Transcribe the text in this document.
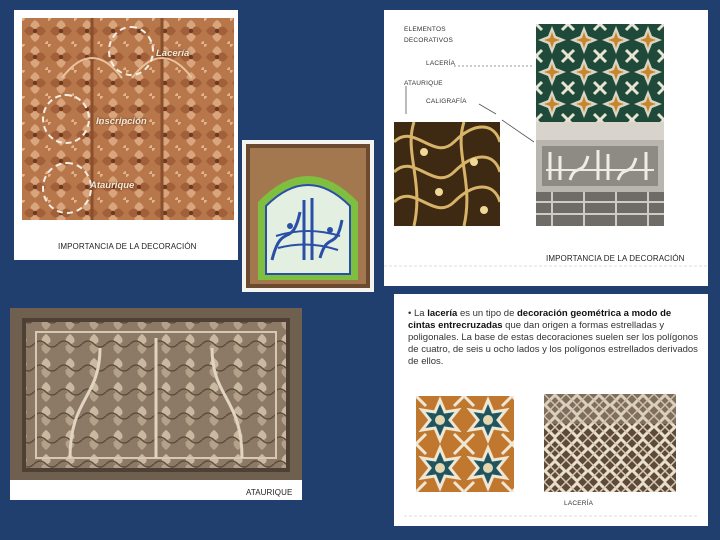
Lacería
Inscripción
Ataurique
IMPORTANCIA DE LA DECORACIÓN
ELEMENTOS
DECORATIVOS
LACERÍA
ATAURIQUE
CALIGRAFÍA
IMPORTANCIA DE LA DECORACIÓN
ATAURIQUE
• La lacería es un tipo de decoración geométrica a modo de cintas entrecruzadas que dan origen a formas estrelladas y poligonales. La base de estas decoraciones suelen ser los polígonos de cuatro, de seis u ocho lados y los polígonos estrellados derivados de ellos.
LACERÍA
